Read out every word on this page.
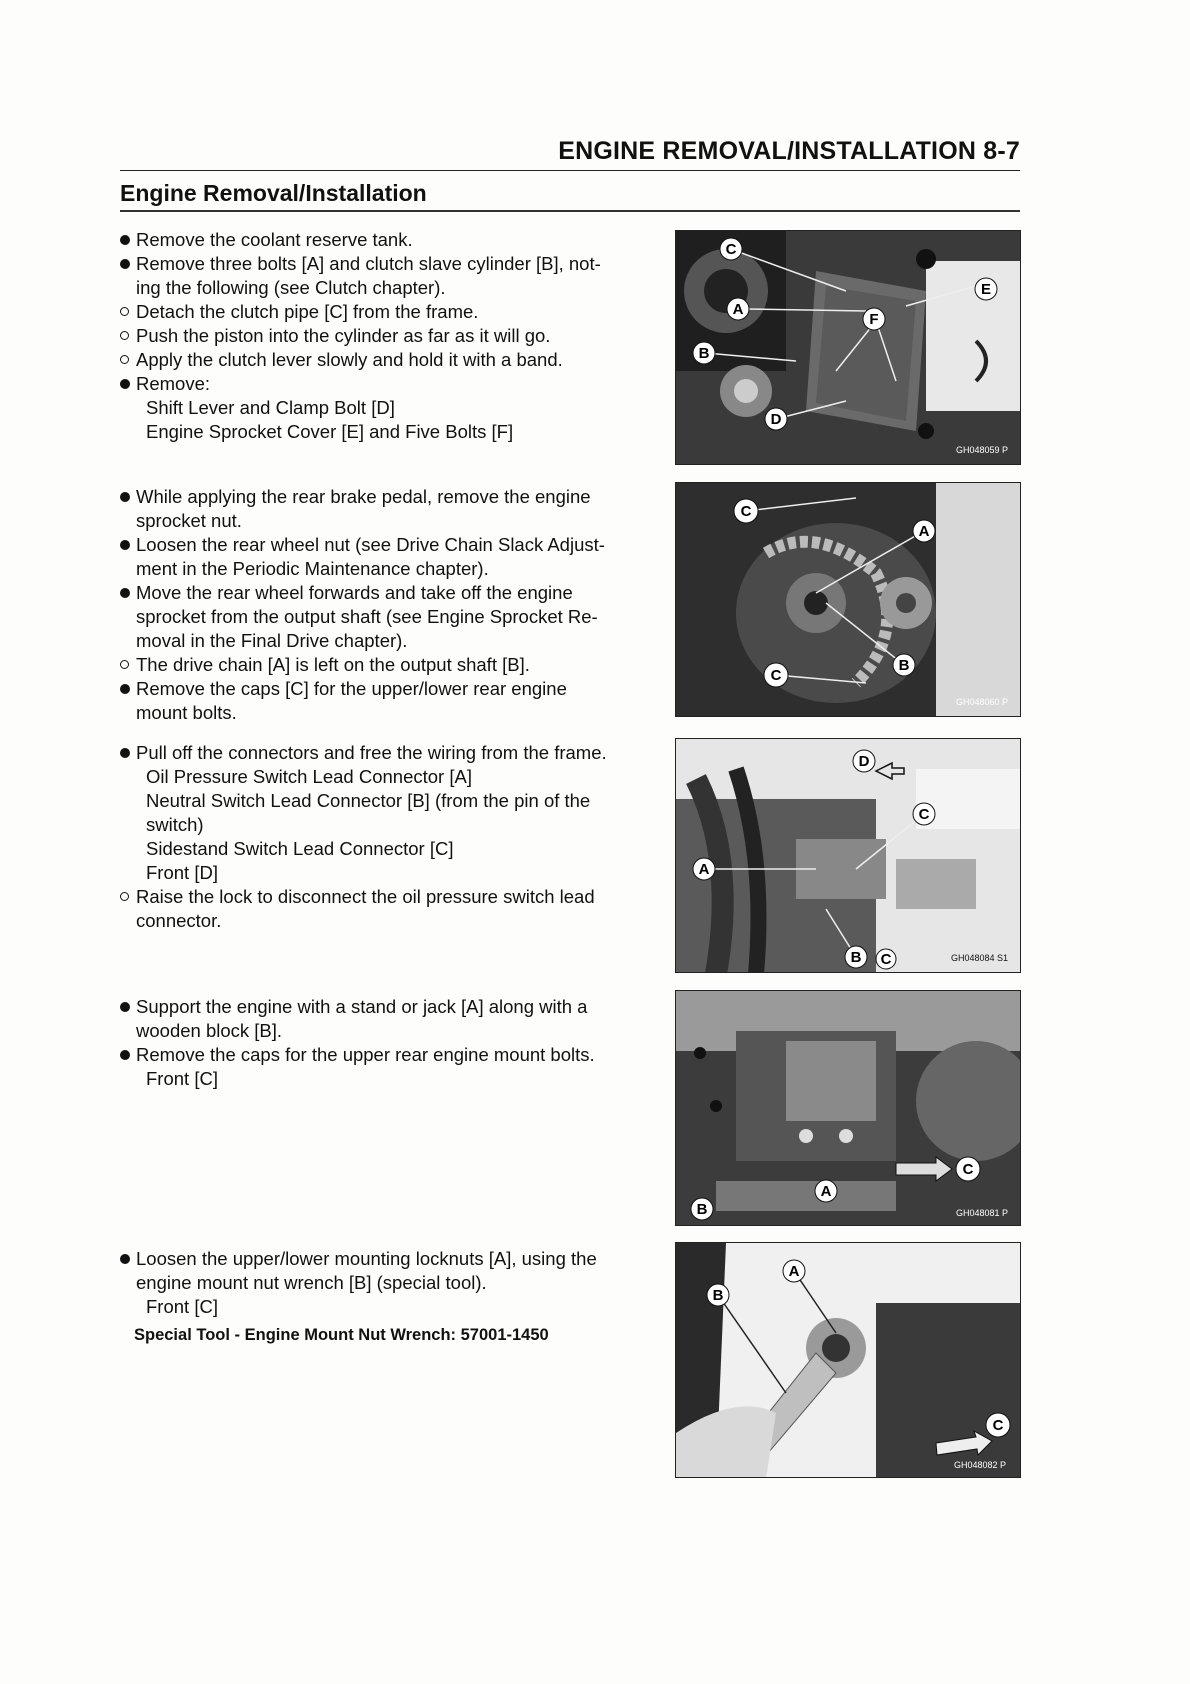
ENGINE REMOVAL/INSTALLATION 8-7
Engine Removal/Installation
Remove the coolant reserve tank.
Remove three bolts [A] and clutch slave cylinder [B], not-
ing the following (see Clutch chapter).
Detach the clutch pipe [C] from the frame.
Push the piston into the cylinder as far as it will go.
Apply the clutch lever slowly and hold it with a band.
Remove:
Shift Lever and Clamp Bolt [D]
Engine Sprocket Cover [E] and Five Bolts [F]
C
E
A
F
B
D
GH048059 P
While applying the rear brake pedal, remove the engine
sprocket nut.
Loosen the rear wheel nut (see Drive Chain Slack Adjust-
ment in the Periodic Maintenance chapter).
Move the rear wheel forwards and take off the engine
sprocket from the output shaft (see Engine Sprocket Re-
moval in the Final Drive chapter).
The drive chain [A] is left on the output shaft [B].
Remove the caps [C] for the upper/lower rear engine
mount bolts.
C
A
B
C
GH048060 P
Pull off the connectors and free the wiring from the frame.
Oil Pressure Switch Lead Connector [A]
Neutral Switch Lead Connector [B] (from the pin of the
switch)
Sidestand Switch Lead Connector [C]
Front [D]
Raise the lock to disconnect the oil pressure switch lead
connector.
D
C
A
B C	GH048084 S1
Support the engine with a stand or jack [A] along with a
wooden block [B].
Remove the caps for the upper rear engine mount bolts.
Front [C]
C
A
B	GH048081 P
Loosen the upper/lower mounting locknuts [A], using the
engine mount nut wrench [B] (special tool).
Front [C]
Special Tool - Engine Mount Nut Wrench: 57001-1450
A
B
C
GH048082 P
